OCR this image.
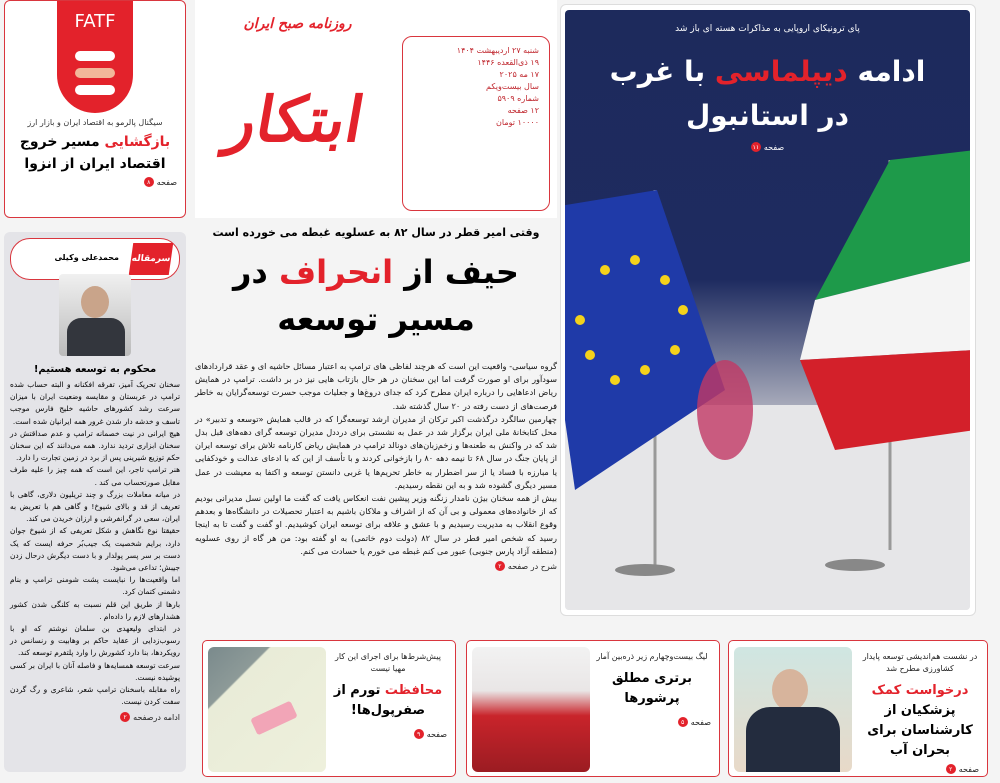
FATF
سیگنال پالرمو به اقتصاد ایران و بازار ارز
بازگشایی مسیر خروج
اقتصاد ایران از انزوا
۸ صفحه
روزنامه صبح ایران
ابتکار
شنبه ۲۷ اردیبهشت ۱۴۰۴
۱۹ ذی‌القعده ۱۴۴۶
۱۷ مه ۲۰۲۵
سال بیست‌ویکم
شماره ۵۹۰۹
۱۲ صفحه
۱۰۰۰۰ تومان
پای ترونیکای اروپایی به مذاکرات هسته ای باز شد
ادامه دیپلماسی با غرب
در استانبول
صفحه
۱۱
وقتی امیر قطر در سال ۸۲ به عسلویه غبطه می خورده است
حیف از انحراف در
مسیر توسعه

گروه سیاسی- واقعیت این است که هرچند لفاظی های ترامپ به اعتبار مسائل حاشیه ای و عقد قراردادهای سودآور برای او صورت گرفت اما این سخنان در هر حال بازتاب هایی نیز در بر داشت. ترامپ در همایش ریاض ادعاهایی را درباره ایران مطرح کرد که جدای دروغ‌ها و جعلیات موجب حسرت توسعه‌گرایان به خاطر فرصت‌های از دست رفته در ۲۰ سال گذشته شد.

چهارمین سالگرد درگذشت اکبر ترکان از مدیران ارشد توسعه‌گرا که در قالب همایش «توسعه و تدبیر» در محل کتابخانهٔ ملی ایران برگزار شد در عمل به نشستی برای درددل مدیران توسعه گرای دهه‌های قبل بدل شد که در واکنش به طعنه‌ها و زخم‌زبان‌های دونالد ترامپ در همایش ریاض کارنامه تلاش برای توسعه ایران از پایان جنگ در سال ۶۸ تا نیمه دهه ۸۰ را بازخوانی کردند و با تأسف از این که با ادعای عدالت و خودکفایی یا مبارزه با فساد یا از سر اضطرار به خاطر تحریم‌ها یا غربی دانستن توسعه و اکتفا به معیشت در عمل مسیر دیگری گشوده شد و به این نقطه رسیدیم.

بیش از همه سخنان بیژن نامدار زنگنه وزیر پیشین نفت انعکاس یافت که گفت ما اولین نسل مدیرانی بودیم که از خانواده‌های معمولی و بی آن که از اشراف و ملاکان باشیم به اعتبار تحصیلات در دانشگاه‌ها و بعدهم وقوع انقلاب به مدیریت رسیدیم و با عشق و علاقه برای توسعه ایران کوشیدیم. او گفت و گفت تا به اینجا رسید که شخص امیر قطر در سال ۸۲ (دولت دوم خاتمی) به او گفته بود: من هر گاه از روی عسلویه (منطقه آزاد پارس جنوبی) عبور می کنم غبطه می خورم یا حسادت می کنم.

شرح در صفحه
۲
سرمقاله
محمدعلی وکیلی
محکوم به توسعه هستیم!

سخنان تحریک آمیز، تفرقه افکنانه و البته حساب شده ترامپ در عربستان و مقایسه وضعیت ایران با میزان سرعت رشد کشورهای حاشیه خلیج فارس موجب تاسف و خدشه دار شدن غرور همه ایرانیان شده است.

هیچ ایرانی در نیت خصمانه ترامپ و عدم صداقتش در سخنان ابزاری تردید ندارد. همه می‌دانند که این سخنان حکم توزیع شیرینی پس از برد در زمین تجارت را دارد.

هنر ترامپ تاجر، این است که همه چیز را علیه طرف مقابل صورتحساب می کند .

در میانه معاملات بزرگ و چند تریلیون دلاری، گاهی با تعریف از قد و بالای شیوخ! و گاهی هم با تعریض به ایران، سعی در گرانفرشی و ارزان خریدن می کند.

حقیقتا نوع نگاهش و شکل تعریفی که از شیوخ جوان دارد، برایم شخصیت یک جیب‌بُر حرفه ایست که یک دست بر سر پسر پولدار و با دست دیگرش درحال زدن جیبش؛ تداعی می‌شود.

اما واقعیت‌ها را نبایست پشت شومنی ترامپ و بنام دشمنی کتمان کرد.

بارها از طریق این قلم نسبت به کلنگی شدن کشور هشدارهای لازم را داده‌ام .

در ابتدای ولیعهدی بن سلمان نوشتم که او با رسوب‌زدایی از عقاید حاکم بر وهابیت و رنسانس در رویکردها، بنا دارد کشورش را وارد پلتفرم توسعه کند.

سرعت توسعه همسایه‌ها و فاصله آنان با ایران بر کسی پوشیده نیست.

راه مقابله باسخنان ترامپ شعر، شاعری و رگ گردن سفت کردن نیست.

ادامه درصفحه
۲
در نشست هم‌اندیشی توسعه پایدار کشاورزی مطرح شد
درخواست کمک پزشکیان از کارشناسان برای بحران آب
صفحه
۲
لیگ بیست‌وچهارم زیر ذره‌بین آمار
برتری مطلق پرشورها
صفحه
۵
پیش‌شرط‌ها برای اجرای این کار مهیا نیست
محافظت تورم از صفرپول‌ها!
صفحه
۹
